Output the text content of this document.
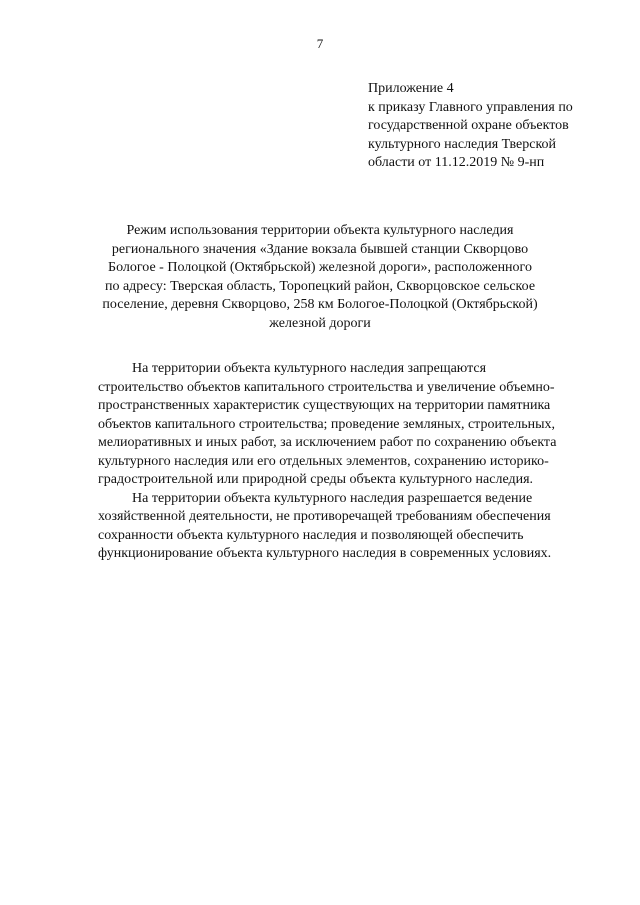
7
Приложение 4
к приказу Главного управления по
государственной охране объектов
культурного наследия Тверской
области от 11.12.2019 № 9-нп
Режим использования территории объекта культурного наследия
регионального значения «Здание вокзала бывшей станции Скворцово
Бологое - Полоцкой (Октябрьской) железной дороги», расположенного
по адресу: Тверская область, Торопецкий район, Скворцовское сельское
поселение, деревня Скворцово, 258 км Бологое-Полоцкой (Октябрьской)
железной дороги
На территории объекта культурного наследия запрещаются
строительство объектов капитального строительства и увеличение объемно-
пространственных характеристик существующих на территории памятника
объектов капитального строительства; проведение земляных, строительных,
мелиоративных и иных работ, за исключением работ по сохранению объекта
культурного наследия или его отдельных элементов, сохранению историко-
градостроительной или природной среды объекта культурного наследия.
На территории объекта культурного наследия разрешается ведение
хозяйственной деятельности, не противоречащей требованиям обеспечения
сохранности объекта культурного наследия и позволяющей обеспечить
функционирование объекта культурного наследия в современных условиях.
